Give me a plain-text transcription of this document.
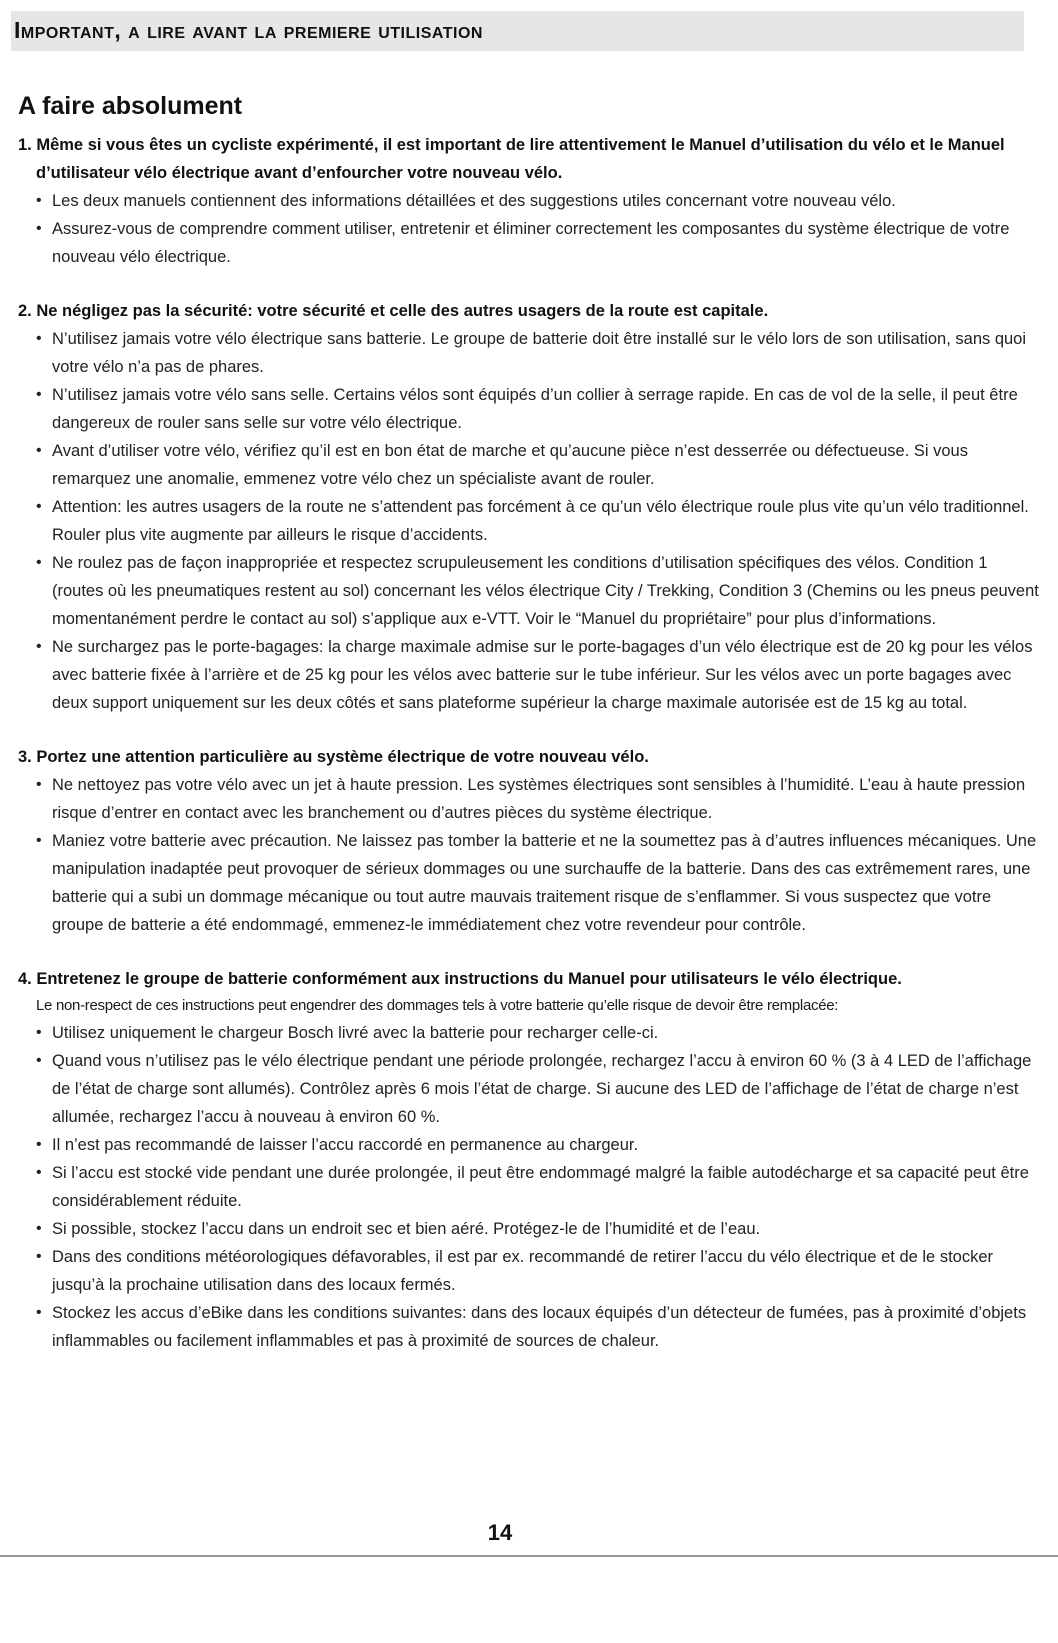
Important, a lire avant la premiere utilisation
A faire absolument
1. Même si vous êtes un cycliste expérimenté, il est important de lire attentivement le Manuel d’utilisation du vélo et le Manuel d’utilisateur vélo électrique avant d’enfourcher votre nouveau vélo.
• Les deux manuels contiennent des informations détaillées et des suggestions utiles concernant votre nouveau vélo.
• Assurez-vous de comprendre comment utiliser, entretenir et éliminer correctement les composantes du système électrique de votre nouveau vélo électrique.
2. Ne négligez pas la sécurité: votre sécurité et celle des autres usagers de la route est capitale.
• N’utilisez jamais votre vélo électrique sans batterie. Le groupe de batterie doit être installé sur le vélo lors de son utilisation, sans quoi votre vélo n’a pas de phares.
• N’utilisez jamais votre vélo sans selle. Certains vélos sont équipés d’un collier à serrage rapide. En cas de vol de la selle, il peut être dangereux de rouler sans selle sur votre vélo électrique.
• Avant d’utiliser votre vélo, vérifiez qu’il est en bon état de marche et qu’aucune pièce n’est desserrée ou défectueuse. Si vous remarquez une anomalie, emmenez votre vélo chez un spécialiste avant de rouler.
• Attention: les autres usagers de la route ne s’attendent pas forcément à ce qu’un vélo électrique roule plus vite qu’un vélo traditionnel. Rouler plus vite augmente par ailleurs le risque d’accidents.
• Ne roulez pas de façon inappropriée et respectez scrupuleusement les conditions d’utilisation spécifiques des vélos. Condition 1 (routes où les pneumatiques restent au sol) concernant les vélos électrique City / Trekking, Condition 3 (Chemins ou les pneus peuvent momentanément perdre le contact au sol) s’applique aux e-VTT. Voir le “Manuel du propriétaire” pour plus d’informations.
• Ne surchargez pas le porte-bagages: la charge maximale admise sur le porte-bagages d’un vélo électrique est de 20 kg pour les vélos avec batterie fixée à l’arrière et de 25 kg pour les vélos avec batterie sur le tube inférieur. Sur les vélos avec un porte bagages avec deux support uniquement sur les deux côtés et sans plateforme supérieur la charge maximale autorisée est de 15 kg au total.
3. Portez une attention particulière au système électrique de votre nouveau vélo.
• Ne nettoyez pas votre vélo avec un jet à haute pression. Les systèmes électriques sont sensibles à l’humidité. L’eau à haute pression risque d’entrer en contact avec les branchement ou d’autres pièces du système électrique.
• Maniez votre batterie avec précaution. Ne laissez pas tomber la batterie et ne la soumettez pas à d’autres influences mécaniques. Une manipulation inadaptée peut provoquer de sérieux dommages ou une surchauffe de la batterie. Dans des cas extrêmement rares, une batterie qui a subi un dommage mécanique ou tout autre mauvais traitement risque de s’enflammer. Si vous suspectez que votre groupe de batterie a été endommagé, emmenez-le immédiatement chez votre revendeur pour contrôle.
4. Entretenez le groupe de batterie conformément aux instructions du Manuel pour utilisateurs le vélo électrique.
Le non-respect de ces instructions peut engendrer des dommages tels à votre batterie qu’elle risque de devoir être remplacée:
• Utilisez uniquement le chargeur Bosch livré avec la batterie pour recharger celle-ci.
• Quand vous n’utilisez pas le vélo électrique pendant une période prolongée, rechargez l’accu à environ 60 % (3 à 4 LED de l’affichage de l’état de charge sont allumés). Contrôlez après 6 mois l’état de charge. Si aucune des LED de l’affichage de l’état de charge n’est allumée, rechargez l’accu à nouveau à environ 60 %.
• Il n’est pas recommandé de laisser l’accu raccordé en permanence au chargeur.
• Si l’accu est stocké vide pendant une durée prolongée, il peut être endommagé malgré la faible autodécharge et sa capacité peut être considérablement réduite.
• Si possible, stockez l’accu dans un endroit sec et bien aéré. Protégez-le de l’humidité et de l’eau.
• Dans des conditions météorologiques défavorables, il est par ex. recommandé de retirer l’accu du vélo électrique et de le stocker jusqu’à la prochaine utilisation dans des locaux fermés.
• Stockez les accus d’eBike dans les conditions suivantes: dans des locaux équipés d’un détecteur de fumées, pas à proximité d’objets inflammables ou facilement inflammables et pas à proximité de sources de chaleur.
14
